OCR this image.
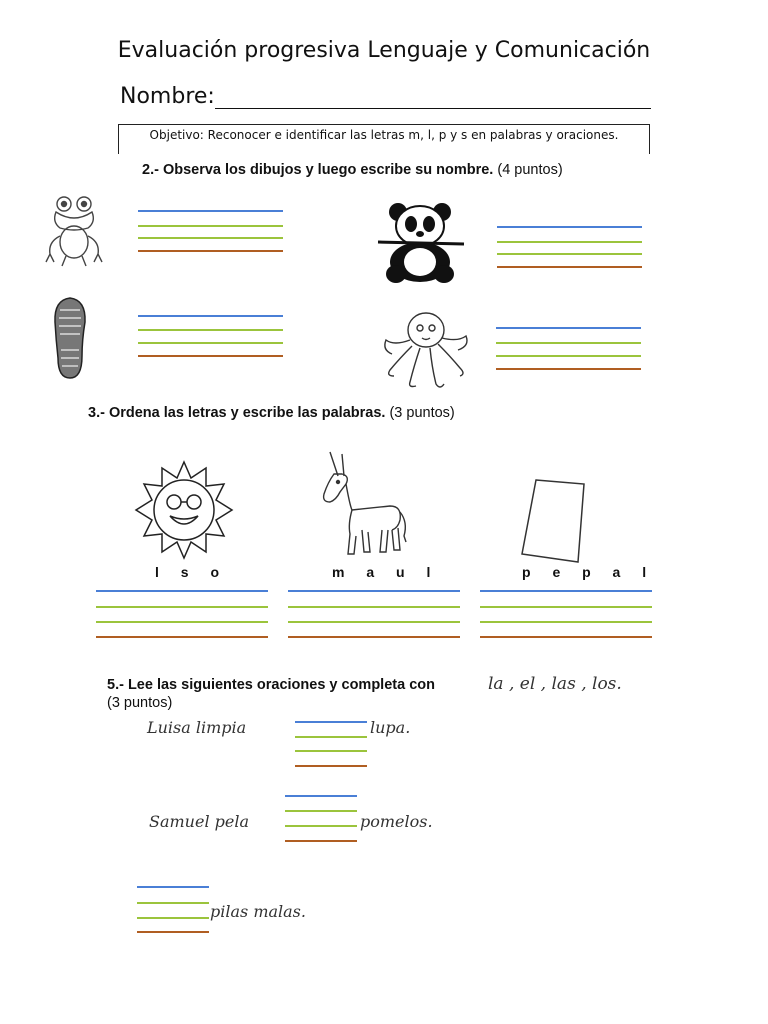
Evaluación progresiva Lenguaje y Comunicación
Nombre:
Objetivo: Reconocer e identificar las letras m, l, p y s en palabras y oraciones.
2.- Observa los dibujos y luego escribe su nombre. (4 puntos)
3.- Ordena las letras y escribe las palabras. (3 puntos)
l s o	m a u l	p e p a l
5.- Lee las siguientes oraciones y completa con	la , el , las , los.
(3 puntos)
Luisa limpia	lupa.
Samuel pela	pomelos.
pilas malas.
